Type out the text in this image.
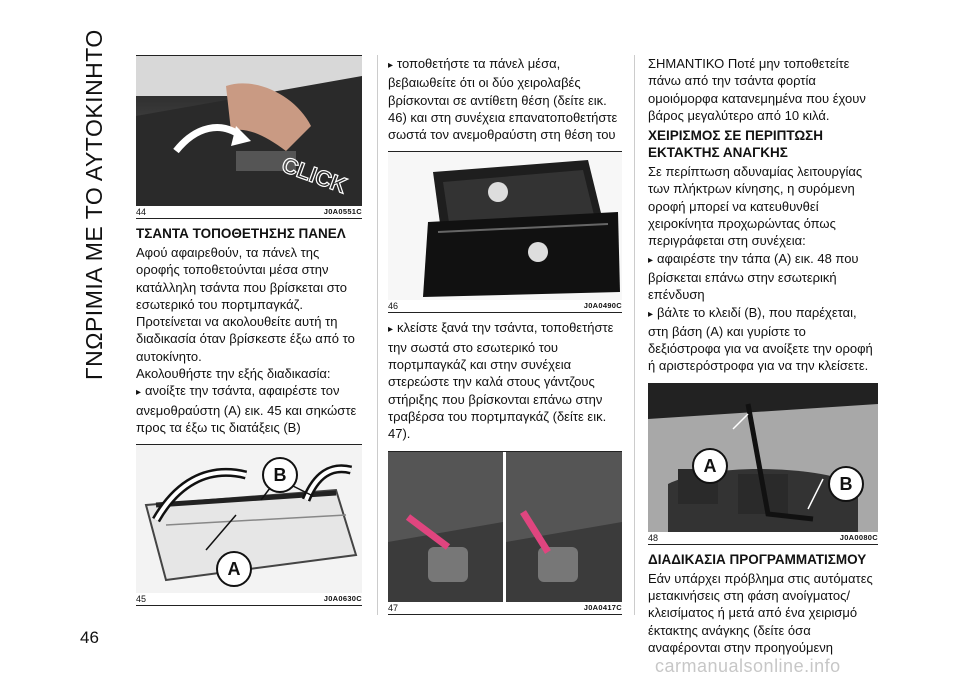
ΓΝΩΡΙΜΙΑ ΜΕ ΤΟ ΑΥΤΟΚΙΝΗΤΟ
46
CLICK
44	J0A0551C
ΤΣΑΝΤΑ ΤΟΠΟΘΕΤΗΣΗΣ ΠΑΝΕΛ

Αφού αφαιρεθούν, τα πάνελ της οροφής τοποθετούνται μέσα στην κατάλληλη τσάντα που βρίσκεται στο εσωτερικό του πορτμπαγκάζ.

Προτείνεται να ακολουθείτε αυτή τη διαδικασία όταν βρίσκεστε έξω από το αυτοκίνητο.

Ακολουθήστε την εξής διαδικασία:

▸ ανοίξτε την τσάντα, αφαιρέστε τον ανεμοθραύστη (A) εικ. 45 και σηκώστε προς τα έξω τις διατάξεις (B)

B
A
45	J0A0630C

▸ τοποθετήστε τα πάνελ μέσα, βεβαιωθείτε ότι οι δύο χειρολαβές βρίσκονται σε αντίθετη θέση (δείτε εικ. 46) και στη συνέχεια επανατοποθετήστε σωστά τον ανεμοθραύστη στη θέση του

46	J0A0490C

▸ κλείστε ξανά την τσάντα, τοποθετήστε την σωστά στο εσωτερικό του πορτμπαγκάζ και στην συνέχεια στερεώστε την καλά στους γάντζους στήριξης που βρίσκονται επάνω στην τραβέρσα του πορτμπαγκάζ (δείτε εικ. 47).

47	J0A0417C

ΣΗΜΑΝΤΙΚΟ Ποτέ μην τοποθετείτε πάνω από την τσάντα φορτία ομοιόμορφα κατανεμημένα που έχουν βάρος μεγαλύτερο από 10 κιλά.

ΧΕΙΡΙΣΜΟΣ ΣΕ ΠΕΡΙΠΤΩΣΗ ΕΚΤΑΚΤΗΣ ΑΝΑΓΚΗΣ

Σε περίπτωση αδυναμίας λειτουργίας των πλήκτρων κίνησης, η συρόμενη οροφή μπορεί να κατευθυνθεί χειροκίνητα προχωρώντας όπως περιγράφεται στη συνέχεια:

▸ αφαιρέστε την τάπα (A) εικ. 48 που βρίσκεται επάνω στην εσωτερική επένδυση

▸ βάλτε το κλειδί (B), που παρέχεται, στη βάση (A) και γυρίστε το δεξιόστροφα για να ανοίξετε την οροφή ή αριστερόστροφα για να την κλείσετε.

A
B
48	J0A0080C
ΔΙΑΔΙΚΑΣΙΑ ΠΡΟΓΡΑΜΜΑΤΙΣΜΟΥ

Εάν υπάρχει πρόβλημα στις αυτόματες μετακινήσεις στη φάση ανοίγματος/κλεισίματος ή μετά από ένα χειρισμό έκτακτης ανάγκης (δείτε όσα αναφέρονται στην προηγούμενη

carmanualsonline.info
